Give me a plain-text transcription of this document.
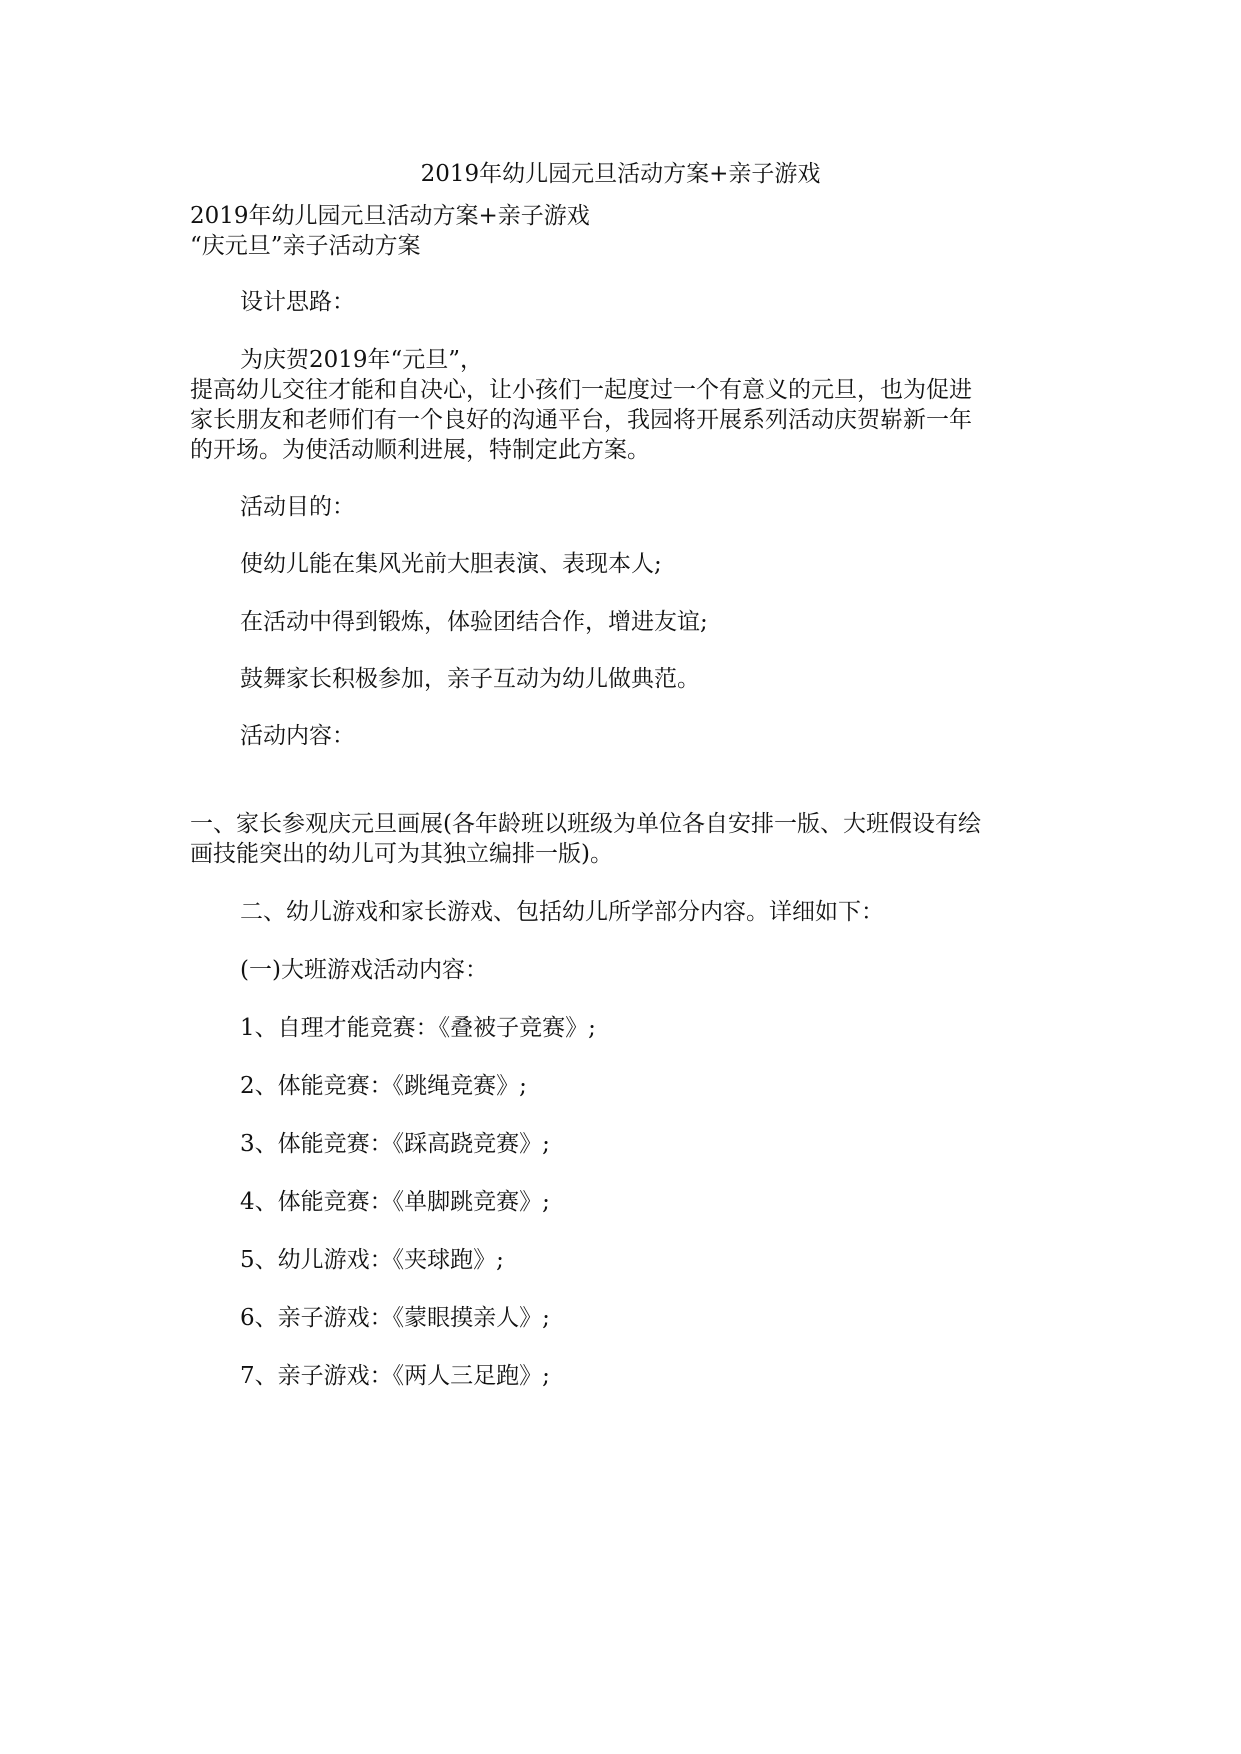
2019年幼儿园元旦活动方案+亲子游戏

2019年幼儿园元旦活动方案+亲子游戏

“庆元旦”亲子活动方案

设计思路：

为庆贺2019年“元旦”，

提高幼儿交往才能和自决心，让小孩们一起度过一个有意义的元旦，也为促进

家长朋友和老师们有一个良好的沟通平台，我园将开展系列活动庆贺崭新一年

的开场。为使活动顺利进展，特制定此方案。

活动目的：

使幼儿能在集风光前大胆表演、表现本人;

在活动中得到锻炼，体验团结合作，增进友谊;

鼓舞家长积极参加，亲子互动为幼儿做典范。

活动内容：

一、家长参观庆元旦画展(各年龄班以班级为单位各自安排一版、大班假设有绘

画技能突出的幼儿可为其独立编排一版)。

二、幼儿游戏和家长游戏、包括幼儿所学部分内容。详细如下：

(一)大班游戏活动内容：

1、自理才能竞赛：《叠被子竞赛》;

2、体能竞赛：《跳绳竞赛》;

3、体能竞赛：《踩高跷竞赛》;

4、体能竞赛：《单脚跳竞赛》;

5、幼儿游戏：《夹球跑》;

6、亲子游戏：《蒙眼摸亲人》;

7、亲子游戏：《两人三足跑》;
